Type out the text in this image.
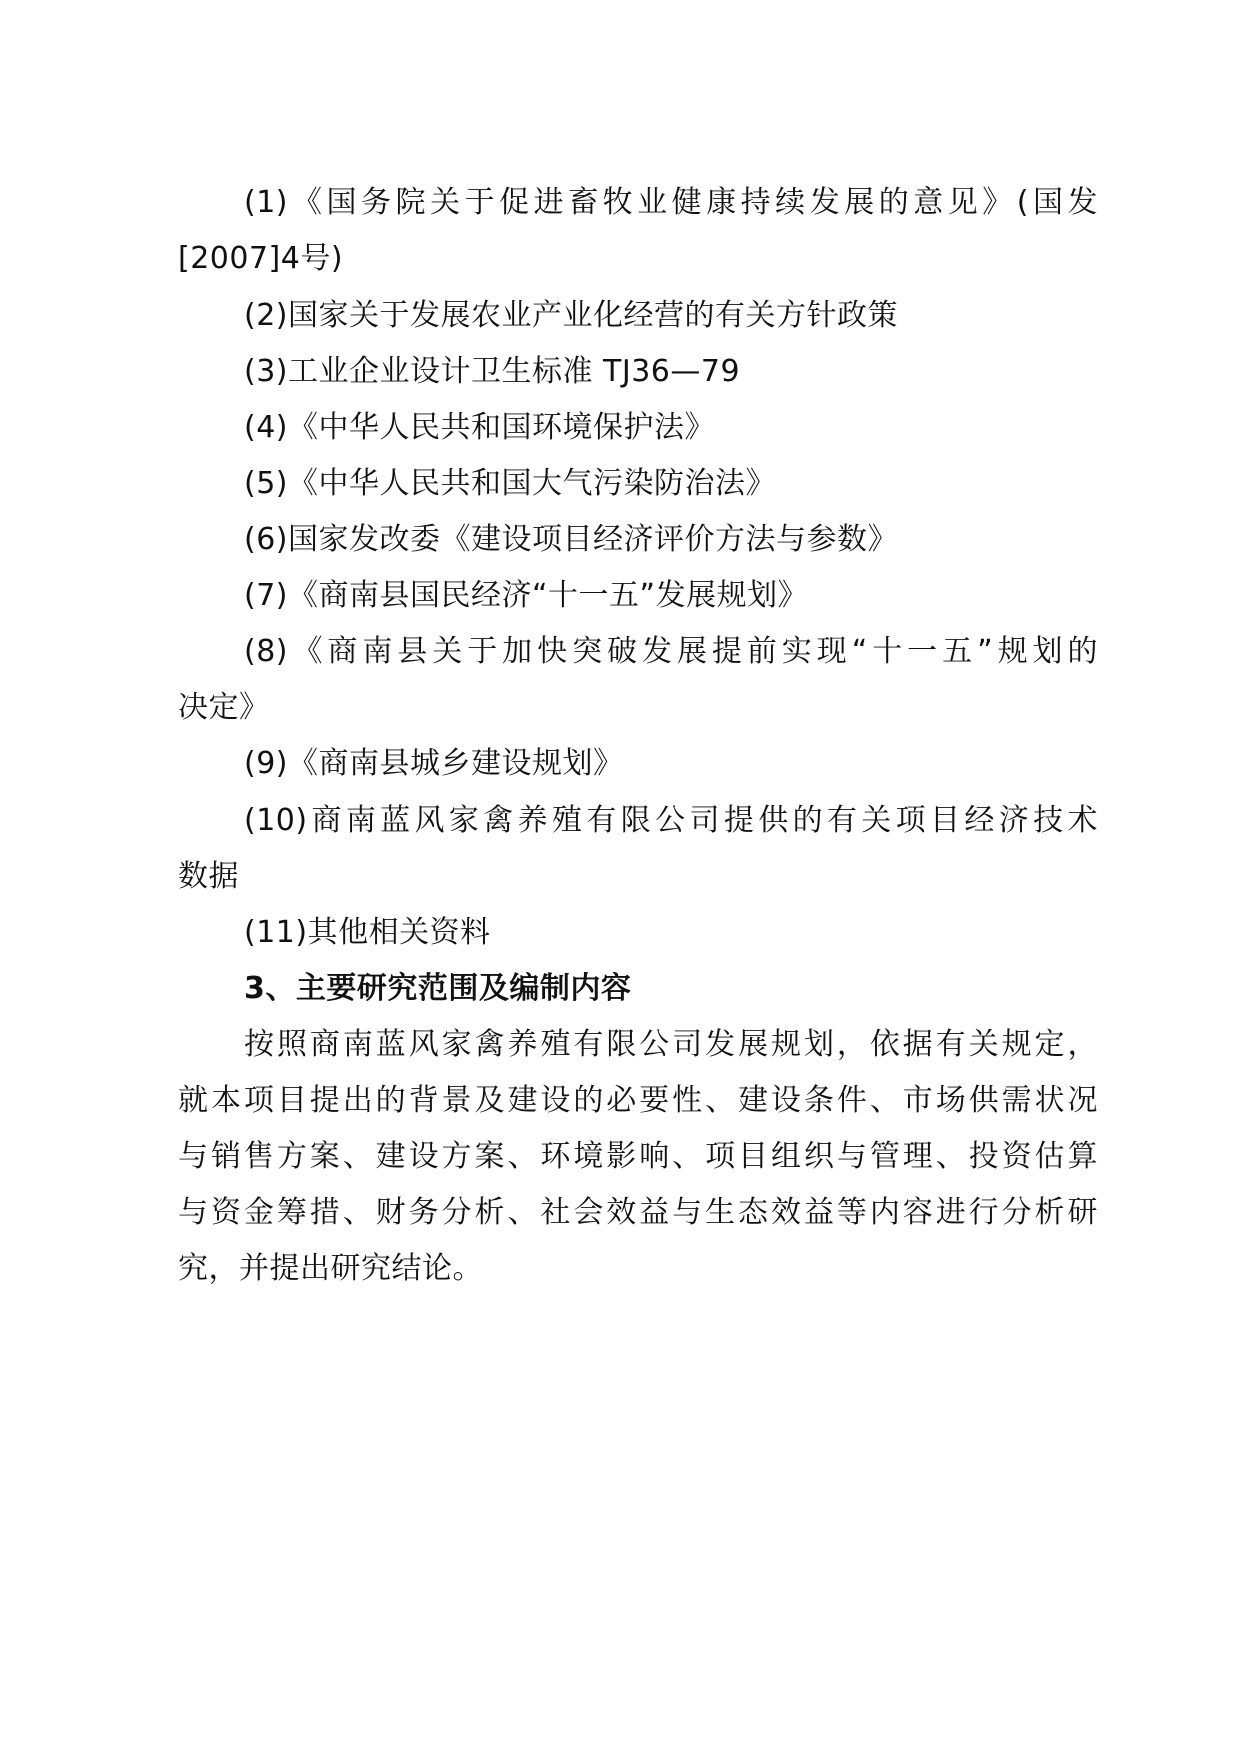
(1)《国务院关于促进畜牧业健康持续发展的意见》(国发
[2007]4号)
(2)国家关于发展农业产业化经营的有关方针政策
(3)工业企业设计卫生标准 TJ36—79
(4)《中华人民共和国环境保护法》
(5)《中华人民共和国大气污染防治法》
(6)国家发改委《建设项目经济评价方法与参数》
(7)《商南县国民经济“十一五”发展规划》
(8)《商南县关于加快突破发展提前实现“十一五”规划的
决定》
(9)《商南县城乡建设规划》
(10)商南蓝风家禽养殖有限公司提供的有关项目经济技术
数据
(11)其他相关资料
3、主要研究范围及编制内容
按照商南蓝风家禽养殖有限公司发展规划，依据有关规定，
就本项目提出的背景及建设的必要性、建设条件、市场供需状况
与销售方案、建设方案、环境影响、项目组织与管理、投资估算
与资金筹措、财务分析、社会效益与生态效益等内容进行分析研
究，并提出研究结论。
